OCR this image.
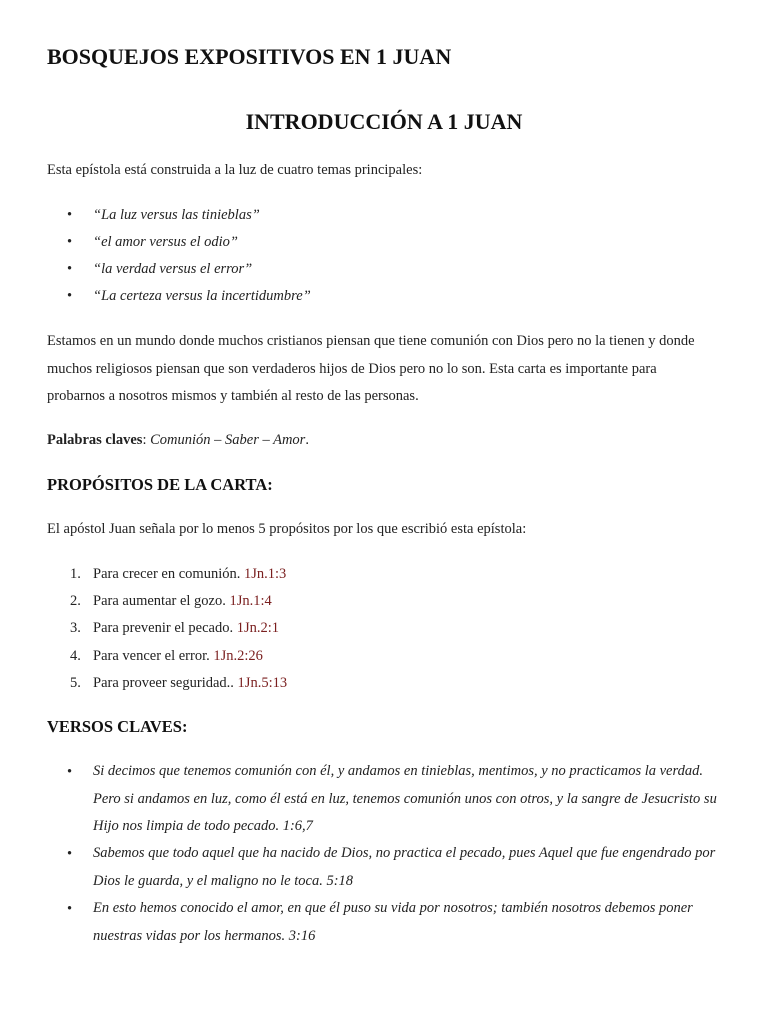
BOSQUEJOS EXPOSITIVOS EN 1 JUAN
INTRODUCCIÓN A 1 JUAN

Esta epístola está construida a la luz de cuatro temas principales:

• “La luz versus las tinieblas”
• “el amor versus el odio”
• “la verdad versus el error”
• “La certeza versus la incertidumbre”

Estamos en un mundo donde muchos cristianos piensan que tiene comunión con Dios pero no la tienen y donde muchos religiosos piensan que son verdaderos hijos de Dios pero no lo son. Esta carta es importante para probarnos a nosotros mismos y también al resto de las personas.

Palabras claves: Comunión – Saber – Amor.

PROPÓSITOS DE LA CARTA:

El apóstol Juan señala por lo menos 5 propósitos por los que escribió esta epístola:

1. Para crecer en comunión. 1Jn.1:3
2. Para aumentar el gozo. 1Jn.1:4
3. Para prevenir el pecado. 1Jn.2:1
4. Para vencer el error. 1Jn.2:26
5. Para proveer seguridad.. 1Jn.5:13
VERSOS CLAVES:
• Si decimos que tenemos comunión con él, y andamos en tinieblas, mentimos, y no practicamos la verdad. Pero si andamos en luz, como él está en luz, tenemos comunión unos con otros, y la sangre de Jesucristo su Hijo nos limpia de todo pecado. 1:6,7

• Sabemos que todo aquel que ha nacido de Dios, no practica el pecado, pues Aquel que fue engendrado por Dios le guarda, y el maligno no le toca. 5:18

• En esto hemos conocido el amor, en que él puso su vida por nosotros; también nosotros debemos poner nuestras vidas por los hermanos. 3:16
